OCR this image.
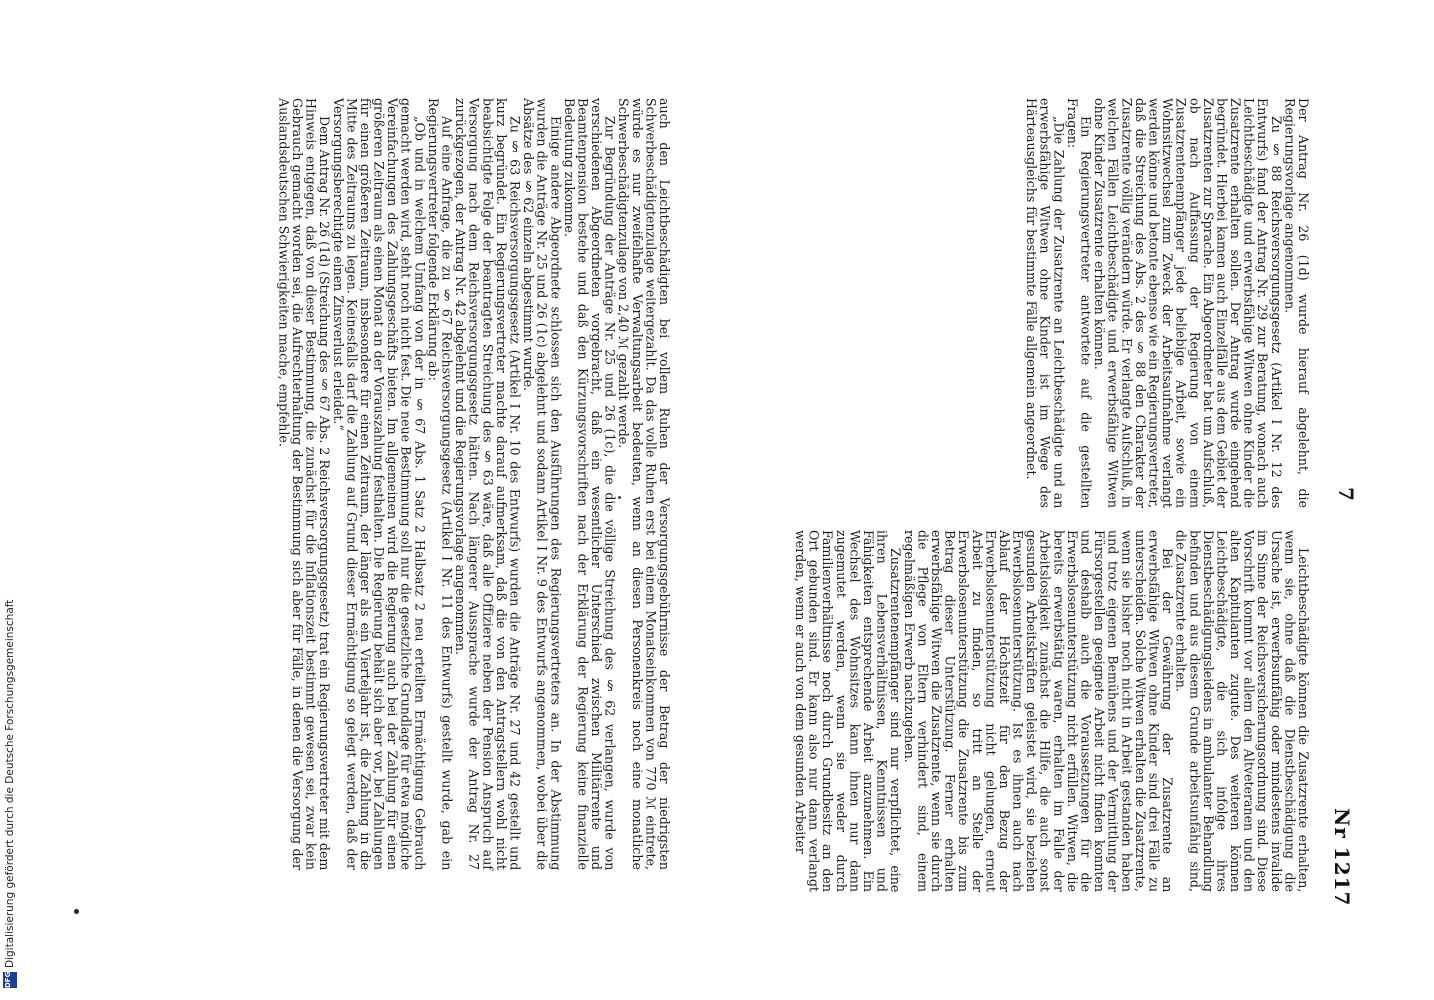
Nr 1217
7

Der Antrag Nr. 26 (1d) wurde hierauf abgelehnt, die Regierungsvorlage angenommen.

Zu § 88 Reichsversorgungsgesetz (Artikel I Nr. 12 des Entwurfs) fand der Antrag Nr. 29 zur Beratung, wonach auch Leichtbeschädigte und erwerbsfähige Witwen ohne Kinder die Zusatzrente erhalten sollen. Der Antrag wurde eingehend begründet. Hierbei kamen auch Einzelfälle aus dem Gebiet der Zusatzrenten zur Sprache. Ein Abgeordneter bat um Aufschluß, ob nach Auffassung der Regierung von einem Zusatzrentenempfänger jede beliebige Arbeit, sowie ein Wohnsitzwechsel zum Zweck der Arbeitsaufnahme verlangt werden könne und betonte ebenso wie ein Regierungsvertreter, daß die Streichung des Abs. 2 des § 88 den Charakter der Zusatzrente völlig verändern würde. Er verlangte Aufschluß, in welchen Fällen Leichtbeschädigte und erwerbsfähige Witwen ohne Kinder Zusatzrente erhalten können.

Ein Regierungsvertreter antwortete auf die gestellten Fragen:

„Die Zahlung der Zusatzrente an Leichtbeschädigte und an erwerbsfähige Witwen ohne Kinder ist im Wege des Härteausgleichs für bestimmte Fälle allgemein angeordnet.

Leichtbeschädigte können die Zusatzrente erhalten, wenn sie, ohne daß die Dienstbeschädigung die Ursache ist, erwerbsunfähig oder mindestens invalide im Sinne der Reichsversicherungsordnung sind. Diese Vorschrift kommt vor allem den Altveteranen und den alten Kapitulanten zugute. Des weiteren können Leichtbeschädigte, die sich infolge ihres Dienstbeschädigungsleidens in ambulanter Behandlung befinden und aus diesem Grunde arbeitsunfähig sind, die Zusatzrente erhalten.

Bei der Gewährung der Zusatzrente an erwerbsfähige Witwen ohne Kinder sind drei Fälle zu unterscheiden. Solche Witwen erhalten die Zusatzrente, wenn sie bisher noch nicht in Arbeit gestanden haben und trotz eigenen Bemühens und der Vermittlung der Fürsorgestellen geeignete Arbeit nicht finden konnten und deshalb auch die Voraussetzungen für die Erwerbslosenunterstützung nicht erfüllen. Witwen, die bereits erwerbstätig waren, erhalten im Falle der Arbeitslosigkeit zunächst die Hilfe, die auch sonst gesunden Arbeitskräften geleistet wird, sie beziehen Erwerbslosenunterstützung. Ist es ihnen auch nach Ablauf der Höchstzeit für den Bezug der Erwerbslosenunterstützung nicht gelungen, erneut Arbeit zu finden, so tritt an Stelle der Erwerbslosenunterstützung die Zusatzrente bis zum Betrag dieser Unterstützung. Ferner erhalten erwerbsfähige Witwen die Zusatzrente, wenn sie durch die Pflege von Eltern verhindert sind, einem regelmäßigen Erwerb nachzugehen.

Zusatzrentenempfänger sind nur verpflichtet, eine ihren Lebensverhältnissen, Kenntnissen und Fähigkeiten entsprechende Arbeit anzunehmen. Ein Wechsel des Wohnsitzes kann ihnen nur dann zugemutet werden, wenn sie weder durch Familienverhältnisse noch durch Grundbesitz an den Ort gebunden sind. Er kann also nur dann verlangt werden, wenn er auch von dem gesunden Arbeiter

auch den Leichtbeschädigten bei vollem Ruhen der Versorgungsgebührnisse der Betrag der niedrigsten Schwerbeschädigtenzulage weitergezahlt. Da das volle Ruhen erst bei einem Monatseinkommen von 770 ℳ eintrete, würde es nur zweifelhafte Verwaltungsarbeit bedeuten, wenn an diesen Personenkreis noch eine monatliche Schwerbeschädigtenzulage von 2,40 ℳ gezahlt werde.

Zur Begründung der Anträge Nr. 25 und 26 (1c), die die völlige Streichung des § 62 verlangen, wurde von verschiedenen Abgeordneten vorgebracht, daß ein wesentlicher Unterschied zwischen Militärrente und Beamtenpension bestehe und daß den Kürzungsvorschriften nach der Erklärung der Regierung keine finanzielle Bedeutung zukomme.

Einige andere Abgeordnete schlossen sich den Ausführungen des Regierungsvertreters an. In der Abstimmung wurden die Anträge Nr. 25 und 26 (1c) abgelehnt und sodann Artikel I Nr. 9 des Entwurfs angenommen, wobei über die Absätze des § 62 einzeln abgestimmt wurde.

Zu § 63 Reichsversorgungsgesetz (Artikel I Nr. 10 des Entwurfs) wurden die Anträge Nr. 27 und 42 gestellt und kurz begründet. Ein Regierungsvertreter machte darauf aufmerksam, daß die von den Antragstellern wohl nicht beabsichtigte Folge der beantragten Streichung des § 63 wäre, daß alle Offiziere neben der Pension Anspruch auf Versorgung nach dem Reichsversorgungsgesetz hätten. Nach längerer Aussprache wurde der Antrag Nr. 27 zurückgezogen, der Antrag Nr. 42 abgelehnt und die Regierungsvorlage angenommen.

Auf eine Anfrage, die zu § 67 Reichsversorgungsgesetz (Artikel I Nr. 11 des Entwurfs) gestellt wurde, gab ein Regierungsvertreter folgende Erklärung ab:

„Ob und in welchem Umfang von der in § 67 Abs. 1 Satz 2 Halbsatz 2 neu erteilten Ermächtigung Gebrauch gemacht werden wird, steht noch nicht fest. Die neue Bestimmung soll nur die gesetzliche Grundlage für etwa mögliche Vereinfachungen des Zahlungsgeschäfts bieten. Im allgemeinen wird die Regierung auch bei der Zahlung für einen größeren Zeitraum als einen Monat an der Vorauszahlung festhalten. Die Regierung behält sich aber vor, bei Zahlungen für einen größeren Zeitraum, insbesondere für einen Zeitraum, der länger als ein Vierteljahr ist, die Zahlung in die Mitte des Zeitraums zu legen. Keinesfalls darf die Zahlung auf Grund dieser Ermächtigung so gelegt werden, daß der Versorgungsberechtigte einen Zinsverlust erleidet.“

Dem Antrag Nr. 26 (1d) (Streichung des § 67 Abs. 2 Reichsversorgungsgesetz) trat ein Regierungsvertreter mit dem Hinweis entgegen, daß von dieser Bestimmung, die zunächst für die Inflationszeit bestimmt gewesen sei, zwar kein Gebrauch gemacht worden sei, die Aufrechterhaltung der Bestimmung sich aber für Fälle, in denen die Versorgung der Auslandsdeutschen Schwierigkeiten mache, empfehle.

DFG
Digitalisierung gefördert durch die Deutsche Forschungsgemeinschaft
